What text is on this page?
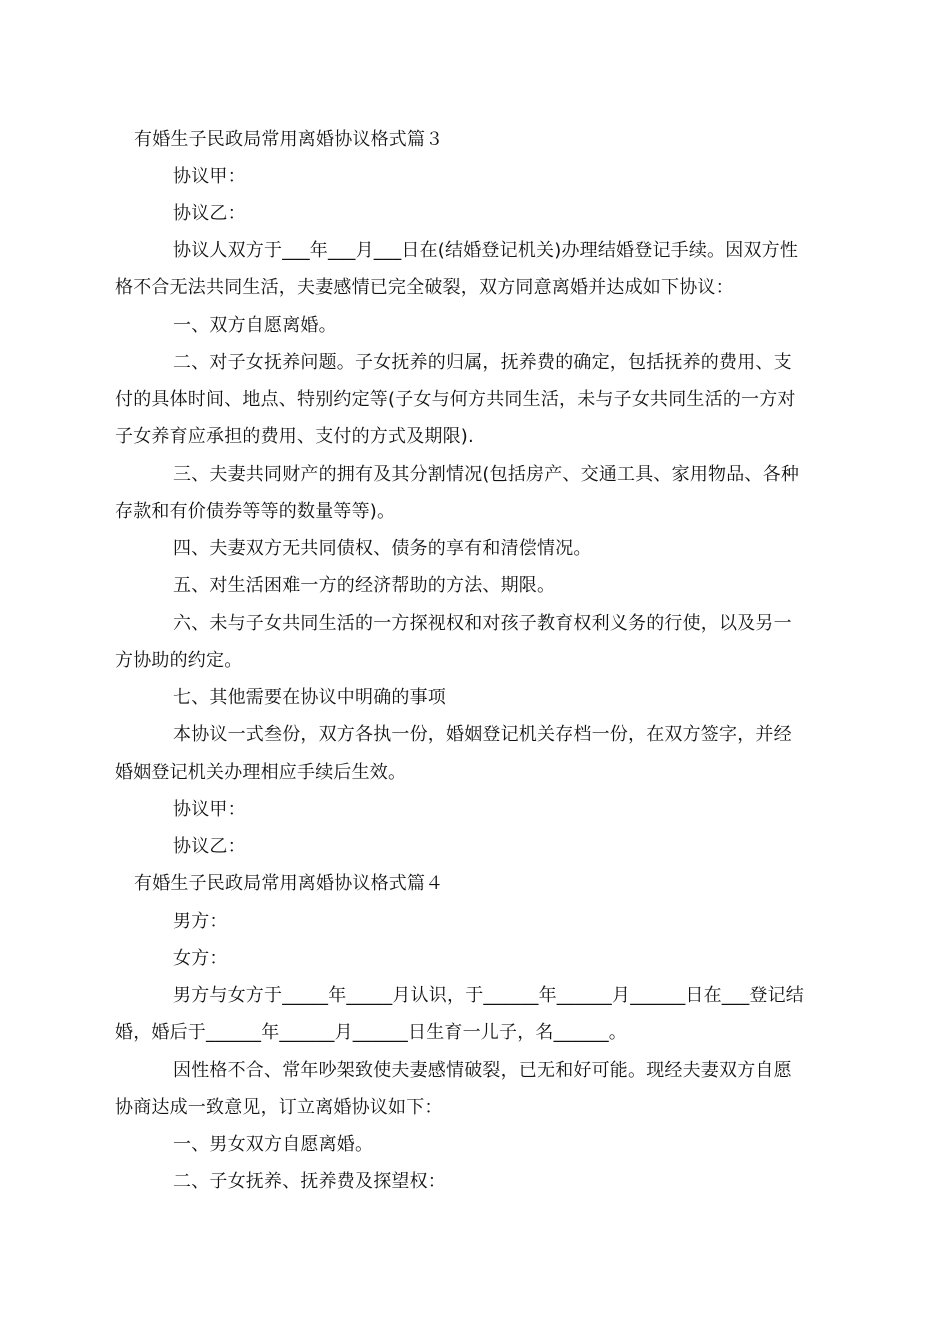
有婚生子民政局常用离婚协议格式篇３
协议甲：
协议乙：
协议人双方于___年___月___日在(结婚登记机关)办理结婚登记手续。因双方性
格不合无法共同生活，夫妻感情已完全破裂，双方同意离婚并达成如下协议：
一、双方自愿离婚。
二、对子女抚养问题。子女抚养的归属，抚养费的确定，包括抚养的费用、支
付的具体时间、地点、特别约定等(子女与何方共同生活，未与子女共同生活的一方对
子女养育应承担的费用、支付的方式及期限).
三、夫妻共同财产的拥有及其分割情况(包括房产、交通工具、家用物品、各种
存款和有价债券等等的数量等等)。
四、夫妻双方无共同债权、债务的享有和清偿情况。
五、对生活困难一方的经济帮助的方法、期限。
六、未与子女共同生活的一方探视权和对孩子教育权利义务的行使，以及另一
方协助的约定。
七、其他需要在协议中明确的事项
本协议一式叁份，双方各执一份，婚姻登记机关存档一份，在双方签字，并经
婚姻登记机关办理相应手续后生效。
协议甲：
协议乙：
有婚生子民政局常用离婚协议格式篇４
男方：
女方：
男方与女方于_____年_____月认识，于______年______月______日在___登记结
婚，婚后于______年______月______日生育一儿子，名______。
因性格不合、常年吵架致使夫妻感情破裂，已无和好可能。现经夫妻双方自愿
协商达成一致意见，订立离婚协议如下：
一、男女双方自愿离婚。
二、子女抚养、抚养费及探望权：
